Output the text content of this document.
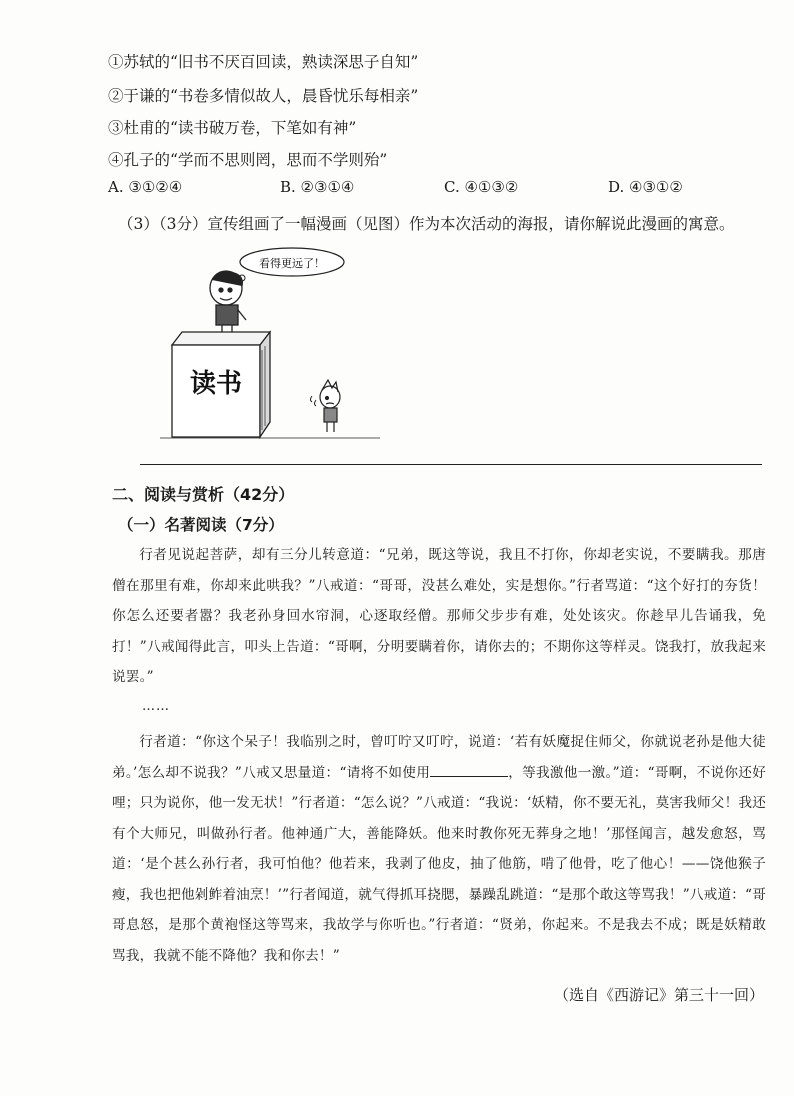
①苏轼的“旧书不厌百回读，熟读深思子自知”
②于谦的“书卷多情似故人，晨昏忧乐每相亲”
③杜甫的“读书破万卷，下笔如有神”
④孔子的“学而不思则罔，思而不学则殆”
A. ③①②④	B. ②③①④	C. ④①③②	D. ④③①②
（3）（3分）宣传组画了一幅漫画（见图）作为本次活动的海报，请你解说此漫画的寓意。
看得更远了！
读书
二、阅读与赏析（42分）
（一）名著阅读（7分）

行者见说起菩萨，却有三分儿转意道：“兄弟，既这等说，我且不打你，你却老实说，不要瞒我。那唐僧在那里有难，你却来此哄我？”八戒道：“哥哥，没甚么难处，实是想你。”行者骂道：“这个好打的夯货！你怎么还要者嚣？我老孙身回水帘洞，心逐取经僧。那师父步步有难，处处该灾。你趁早儿告诵我，免打！”八戒闻得此言，叩头上告道：“哥啊，分明要瞒着你，请你去的；不期你这等样灵。饶我打，放我起来说罢。”

……

行者道：“你这个呆子！我临别之时，曾叮咛又叮咛，说道：‘若有妖魔捉住师父，你就说老孙是他大徒弟。’怎么却不说我？”八戒又思量道：“请将不如使用	，等我激他一激。”道：“哥啊，不说你还好哩；只为说你，他一发无状！”行者道：“怎么说？”八戒道：“我说：‘妖精，你不要无礼，莫害我师父！我还有个大师兄，叫做孙行者。他神通广大，善能降妖。他来时教你死无葬身之地！’那怪闻言，越发愈怒，骂道：‘是个甚么孙行者，我可怕他？他若来，我剥了他皮，抽了他筋，啃了他骨，吃了他心！——饶他猴子瘦，我也把他剁鲊着油烹！’”行者闻道，就气得抓耳挠腮，暴躁乱跳道：“是那个敢这等骂我！”八戒道：“哥哥息怒，是那个黄袍怪这等骂来，我故学与你听也。”行者道：“贤弟，你起来。不是我去不成；既是妖精敢骂我，我就不能不降他？我和你去！”

（选自《西游记》第三十一回）
